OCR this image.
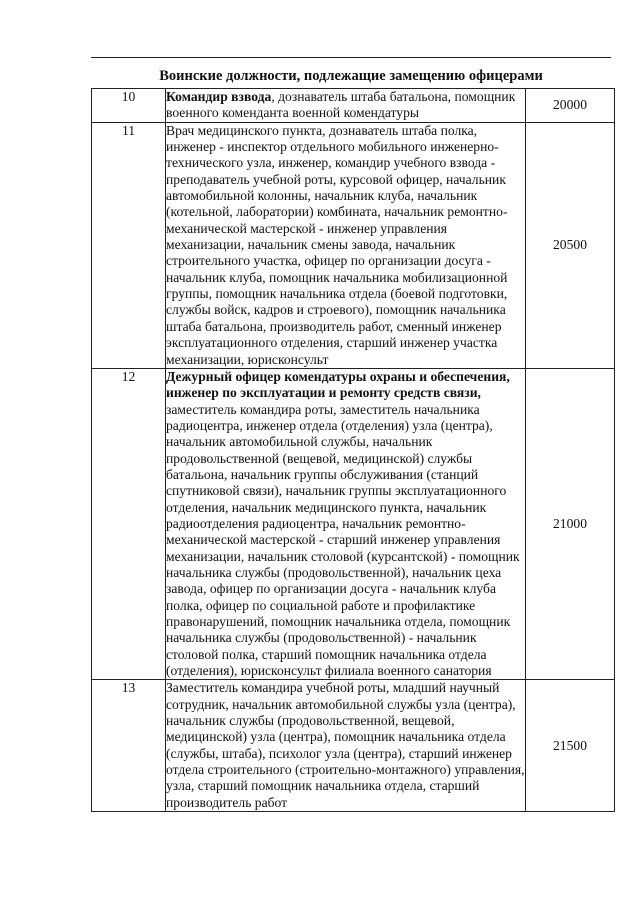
Воинские должности, подлежащие замещению офицерами
10	Командир взвода, дознаватель штаба батальона, помощник военного коменданта военной комендатуры	20000
11	Врач медицинского пункта, дознаватель штаба полка, инженер - инспектор отдельного мобильного инженерно-технического узла, инженер, командир учебного взвода - преподаватель учебной роты, курсовой офицер, начальник автомобильной колонны, начальник клуба, начальник (котельной, лаборатории) комбината, начальник ремонтно-механической мастерской - инженер управления механизации, начальник смены завода, начальник строительного участка, офицер по организации досуга - начальник клуба, помощник начальника мобилизационной группы, помощник начальника отдела (боевой подготовки, службы войск, кадров и строевого), помощник начальника штаба батальона, производитель работ, сменный инженер эксплуатационного отделения, старший инженер участка механизации, юрисконсульт	20500
12	Дежурный офицер комендатуры охраны и обеспечения, инженер по эксплуатации и ремонту средств связи, заместитель командира роты, заместитель начальника радиоцентра, инженер отдела (отделения) узла (центра), начальник автомобильной службы, начальник продовольственной (вещевой, медицинской) службы батальона, начальник группы обслуживания (станций спутниковой связи), начальник группы эксплуатационного отделения, начальник медицинского пункта, начальник радиоотделения радиоцентра, начальник ремонтно-механической мастерской - старший инженер управления механизации, начальник столовой (курсантской) - помощник начальника службы (продовольственной), начальник цеха завода, офицер по организации досуга - начальник клуба полка, офицер по социальной работе и профилактике правонарушений, помощник начальника отдела, помощник начальника службы (продовольственной) - начальник столовой полка, старший помощник начальника отдела (отделения), юрисконсульт филиала военного санатория	21000
13	Заместитель командира учебной роты, младший научный сотрудник, начальник автомобильной службы узла (центра), начальник службы (продовольственной, вещевой, медицинской) узла (центра), помощник начальника отдела (службы, штаба), психолог узла (центра), старший инженер отдела строительного (строительно-монтажного) управления, узла, старший помощник начальника отдела, старший производитель работ	21500
